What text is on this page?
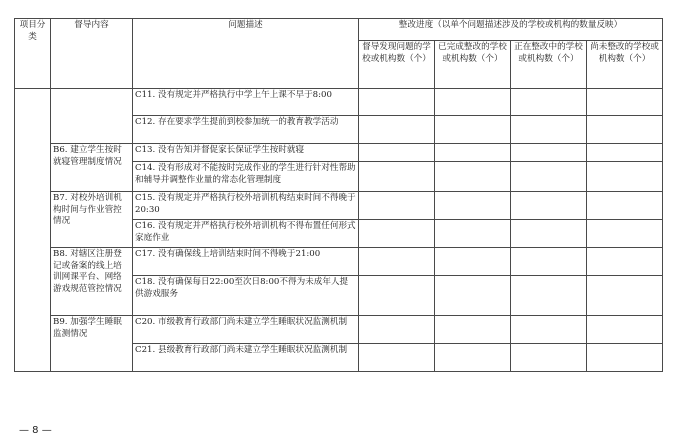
项目分类	督导内容	问题描述	整改进度（以单个问题描述涉及的学校或机构的数量反映）			
			督导发现问题的学校或机构数（个）	已完成整改的学校或机构数（个）	正在整改中的学校或机构数（个）	尚未整改的学校或机构数（个）
		C11. 没有规定并严格执行中学上午上课不早于8:00				
		C12. 存在要求学生提前到校参加统一的教育教学活动				
	B6. 建立学生按时就寝管理制度情况	C13. 没有告知并督促家长保证学生按时就寝				
		C14. 没有形成对不能按时完成作业的学生进行针对性帮助和辅导并调整作业量的常态化管理制度				
	B7. 对校外培训机构时间与作业管控情况	C15. 没有规定并严格执行校外培训机构结束时间不得晚于20:30				
		C16. 没有规定并严格执行校外培训机构不得布置任何形式家庭作业				
	B8. 对辖区注册登记或备案的线上培训网课平台、网络游戏规范管控情况	C17. 没有确保线上培训结束时间不得晚于21:00				
		C18. 没有确保每日22:00至次日8:00不得为未成年人提供游戏服务				
	B9. 加强学生睡眠监测情况	C20. 市级教育行政部门尚未建立学生睡眠状况监测机制				
		C21. 县级教育行政部门尚未建立学生睡眠状况监测机制				
— 8 —
